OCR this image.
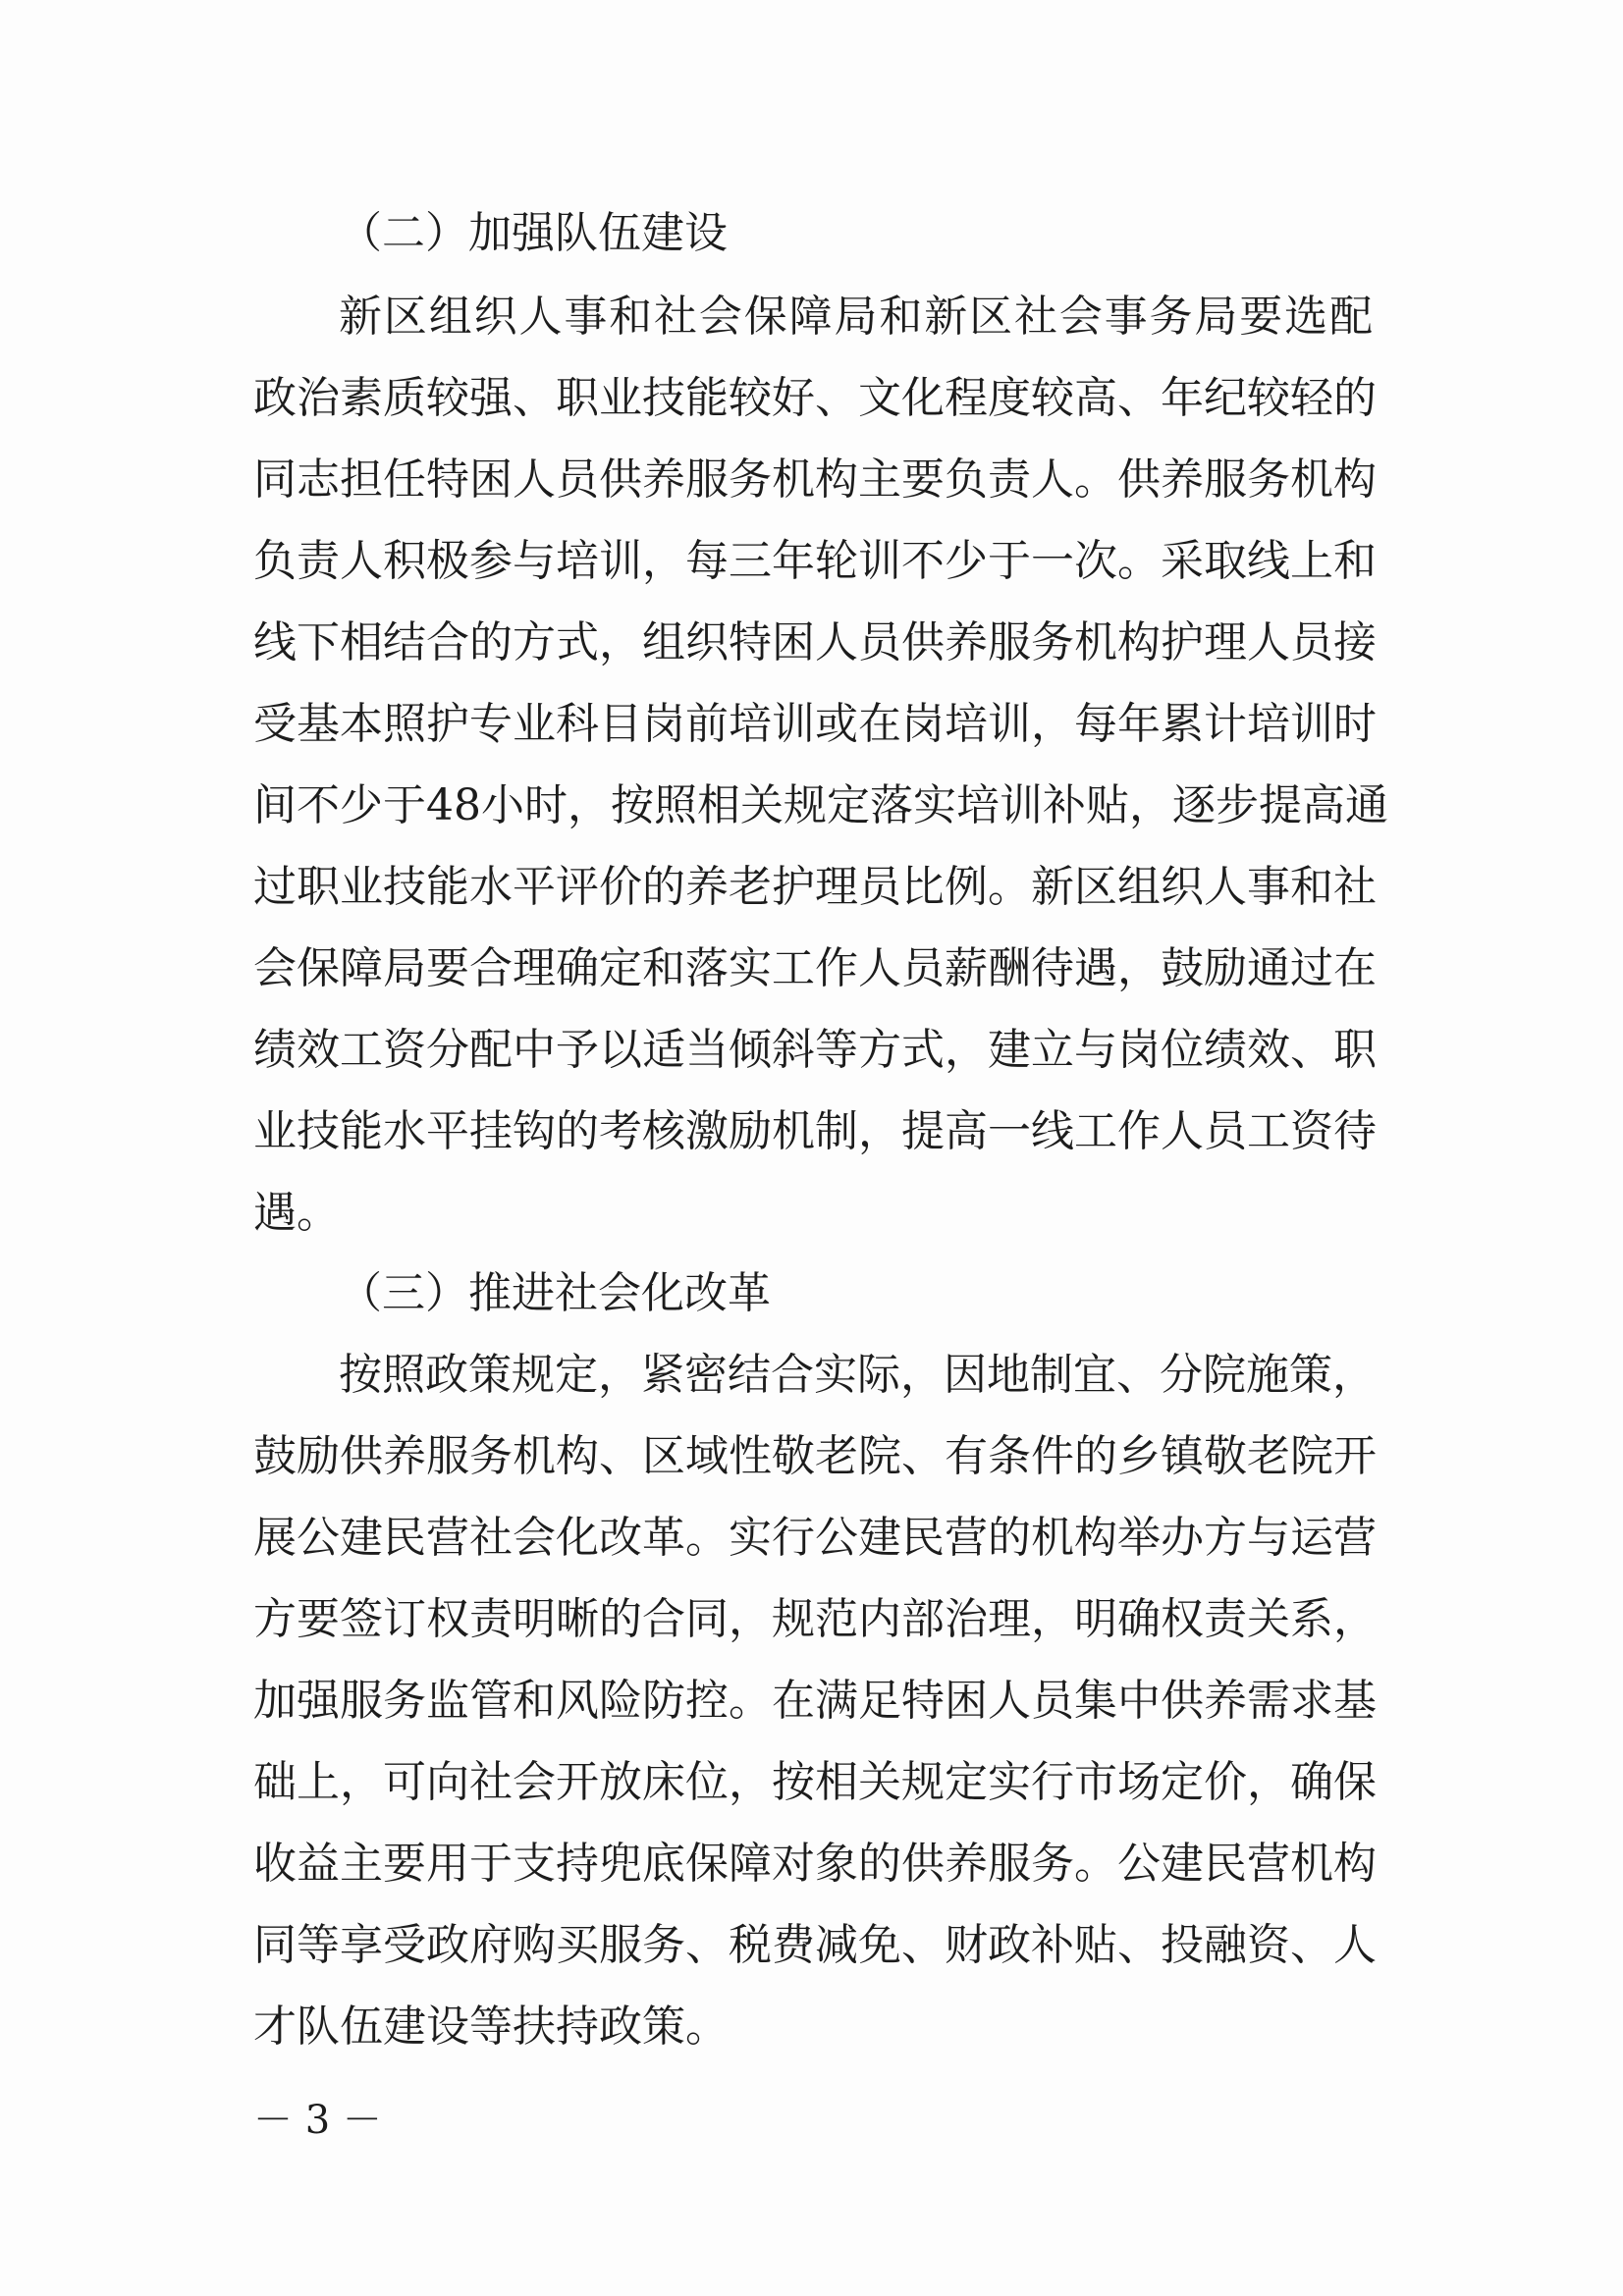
（二）加强队伍建设
新区组织人事和社会保障局和新区社会事务局要选配
政治素质较强、职业技能较好、文化程度较高、年纪较轻的
同志担任特困人员供养服务机构主要负责人。供养服务机构
负责人积极参与培训，每三年轮训不少于一次。采取线上和
线下相结合的方式，组织特困人员供养服务机构护理人员接
受基本照护专业科目岗前培训或在岗培训，每年累计培训时
间不少于48小时，按照相关规定落实培训补贴，逐步提高通
过职业技能水平评价的养老护理员比例。新区组织人事和社
会保障局要合理确定和落实工作人员薪酬待遇，鼓励通过在
绩效工资分配中予以适当倾斜等方式，建立与岗位绩效、职
业技能水平挂钩的考核激励机制，提高一线工作人员工资待
遇。
（三）推进社会化改革
按照政策规定，紧密结合实际，因地制宜、分院施策，
鼓励供养服务机构、区域性敬老院、有条件的乡镇敬老院开
展公建民营社会化改革。实行公建民营的机构举办方与运营
方要签订权责明晰的合同，规范内部治理，明确权责关系，
加强服务监管和风险防控。在满足特困人员集中供养需求基
础上，可向社会开放床位，按相关规定实行市场定价，确保
收益主要用于支持兜底保障对象的供养服务。公建民营机构
同等享受政府购买服务、税费减免、财政补贴、投融资、人
才队伍建设等扶持政策。
－ 3 －
